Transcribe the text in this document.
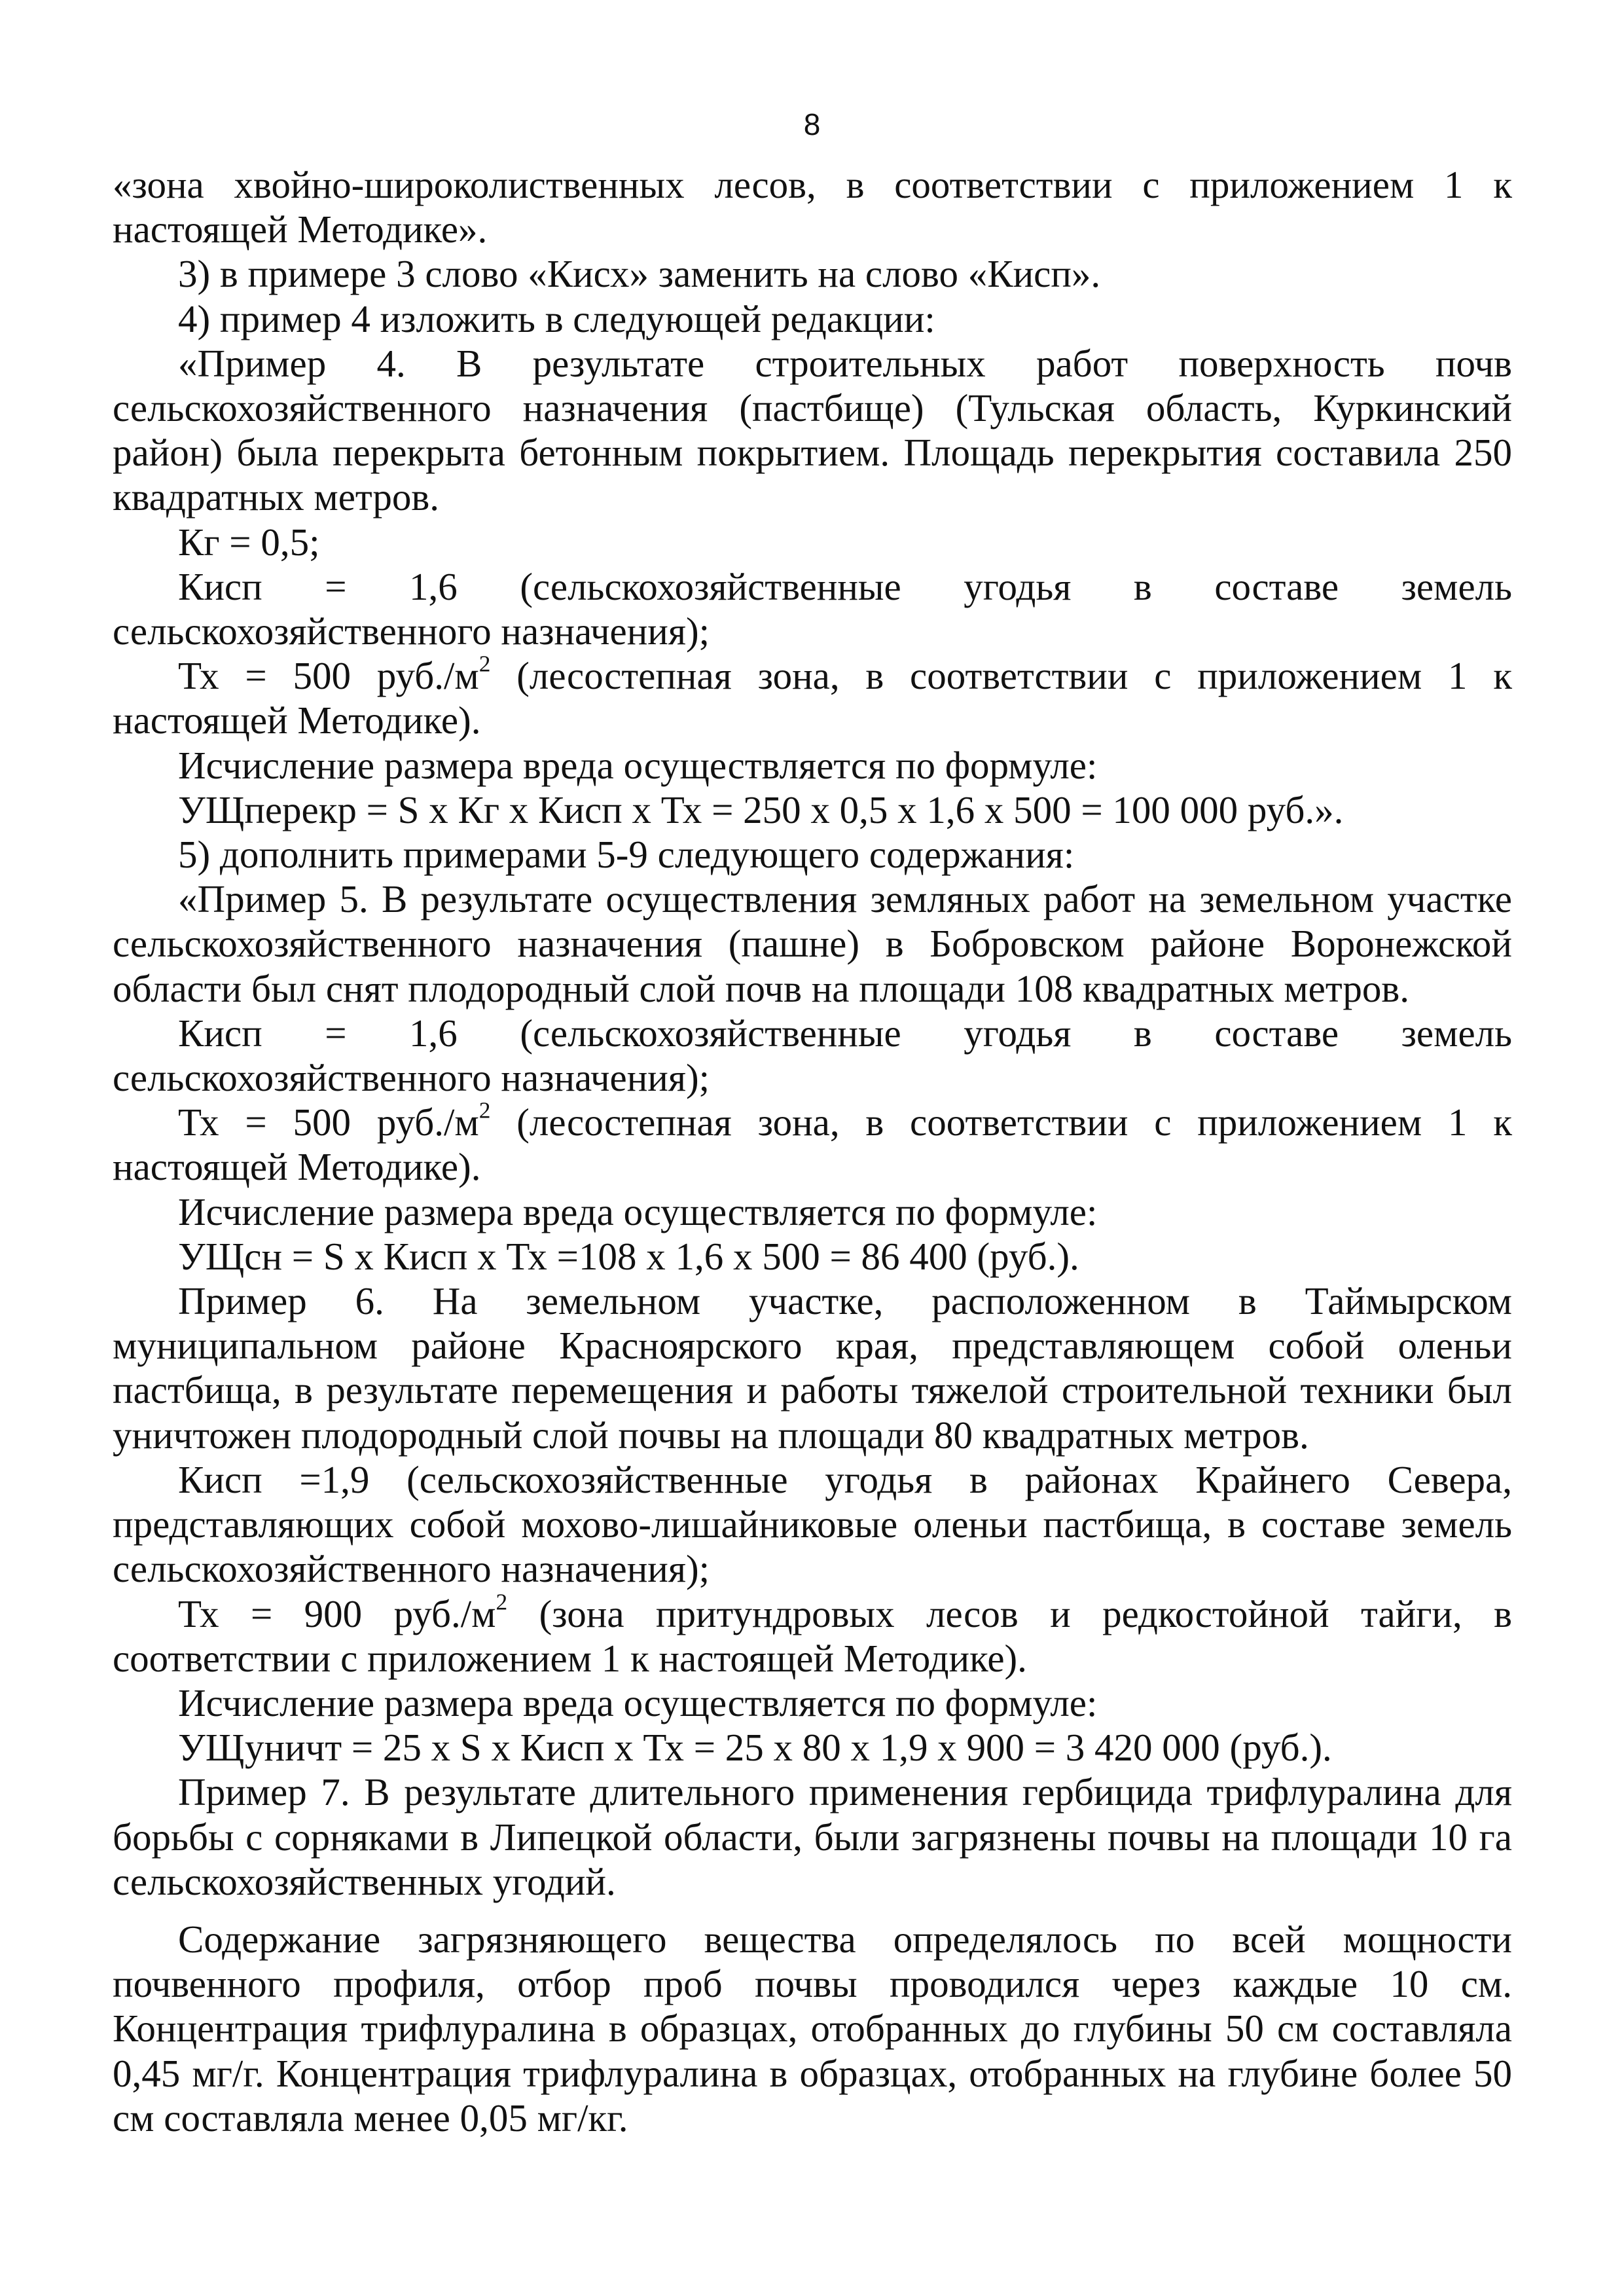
8

«зона хвойно-широколиственных лесов, в соответствии с приложением 1 к настоящей Методике».

3) в примере 3 слово «Кисх» заменить на слово «Кисп».

4) пример 4 изложить в следующей редакции:

«Пример 4. В результате строительных работ поверхность почв сельскохозяйственного назначения (пастбище) (Тульская область, Куркинский район) была перекрыта бетонным покрытием. Площадь перекрытия составила 250 квадратных метров.

Кг = 0,5;

Кисп = 1,6 (сельскохозяйственные угодья в составе земель сельскохозяйственного назначения);

Тх = 500 $руб./м^2$ (лесостепная зона, в соответствии с приложением 1 к настоящей Методике).

Исчисление размера вреда осуществляется по формуле:

УЩперекр = S х Кг х Кисп х Тх = 250 х 0,5 х 1,6 х 500 = 100 000 руб.».

5) дополнить примерами 5-9 следующего содержания:

«Пример 5. В результате осуществления земляных работ на земельном участке сельскохозяйственного назначения (пашне) в Бобровском районе Воронежской области был снят плодородный слой почв на площади 108 квадратных метров.

Кисп = 1,6 (сельскохозяйственные угодья в составе земель сельскохозяйственного назначения);

Тх = 500 $руб./м^2$ (лесостепная зона, в соответствии с приложением 1 к настоящей Методике).

Исчисление размера вреда осуществляется по формуле:

УЩсн = S х Кисп х Тх =108 х 1,6 х 500 = 86 400 (руб.).

Пример 6. На земельном участке, расположенном в Таймырском муниципальном районе Красноярского края, представляющем собой оленьи пастбища, в результате перемещения и работы тяжелой строительной техники был уничтожен плодородный слой почвы на площади 80 квадратных метров.

Кисп =1,9 (сельскохозяйственные угодья в районах Крайнего Севера, представляющих собой мохово-лишайниковые оленьи пастбища, в составе земель сельскохозяйственного назначения);

Тх = 900 $руб./м^2$ (зона притундровых лесов и редкостойной тайги, в соответствии с приложением 1 к настоящей Методике).

Исчисление размера вреда осуществляется по формуле:

УЩуничт = 25 х S х Кисп х Тх = 25 х 80 х 1,9 х 900 = 3 420 000 (руб.).

Пример 7. В результате длительного применения гербицида трифлуралина для борьбы с сорняками в Липецкой области, были загрязнены почвы на площади 10 га сельскохозяйственных угодий.

Содержание загрязняющего вещества определялось по всей мощности почвенного профиля, отбор проб почвы проводился через каждые 10 см. Концентрация трифлуралина в образцах, отобранных до глубины 50 см составляла 0,45 мг/г. Концентрация трифлуралина в образцах, отобранных на глубине более 50 см составляла менее 0,05 мг/кг.
